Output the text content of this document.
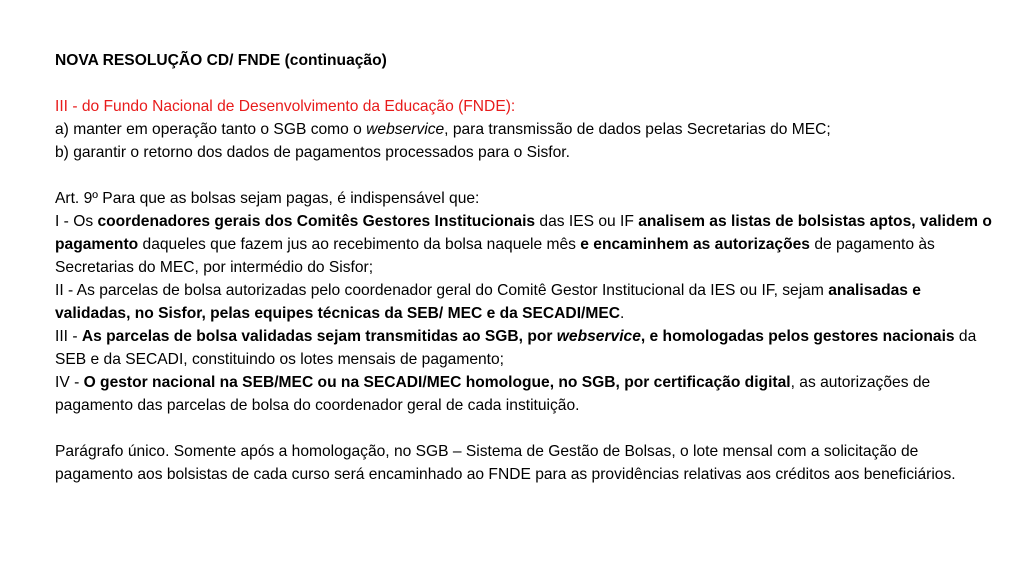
NOVA RESOLUÇÃO CD/ FNDE (continuação)

III - do Fundo Nacional de Desenvolvimento da Educação (FNDE):

a) manter em operação tanto o SGB como o webservice, para transmissão de dados pelas Secretarias do MEC;

b) garantir o retorno dos dados de pagamentos processados para o Sisfor.

Art. 9º Para que as bolsas sejam pagas, é indispensável que:

I - Os coordenadores gerais dos Comitês Gestores Institucionais das IES ou IF analisem as listas de bolsistas aptos, validem o pagamento daqueles que fazem jus ao recebimento da bolsa naquele mês e encaminhem as autorizações de pagamento às Secretarias do MEC, por intermédio do Sisfor;

II - As parcelas de bolsa autorizadas pelo coordenador geral do Comitê Gestor Institucional da IES ou IF, sejam analisadas e validadas, no Sisfor, pelas equipes técnicas da SEB/ MEC e da SECADI/MEC.

III - As parcelas de bolsa validadas sejam transmitidas ao SGB, por webservice, e homologadas pelos gestores nacionais da SEB e da SECADI, constituindo os lotes mensais de pagamento;

IV - O gestor nacional na SEB/MEC ou na SECADI/MEC homologue, no SGB, por certificação digital, as autorizações de pagamento das parcelas de bolsa do coordenador geral de cada instituição.

Parágrafo único. Somente após a homologação, no SGB – Sistema de Gestão de Bolsas, o lote mensal com a solicitação de pagamento aos bolsistas de cada curso será encaminhado ao FNDE para as providências relativas aos créditos aos beneficiários.
